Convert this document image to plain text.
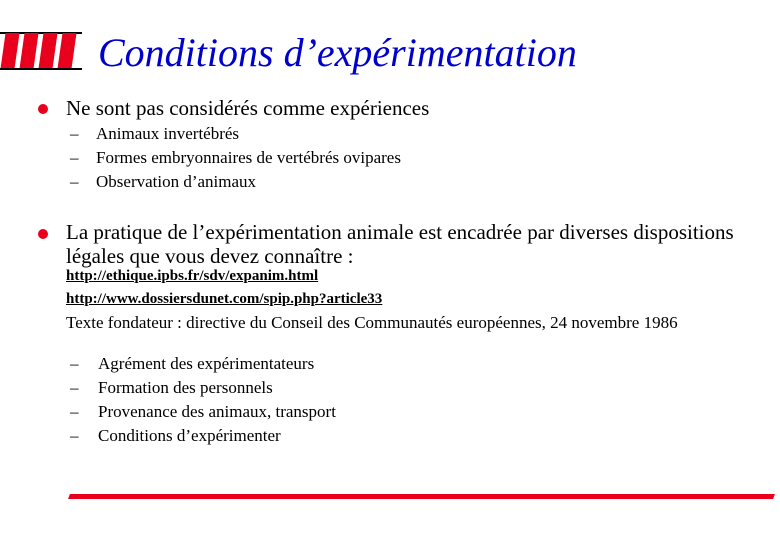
Conditions d’expérimentation
Ne sont pas considérés comme expériences
– Animaux invertébrés
– Formes embryonnaires de vertébrés ovipares
– Observation d’animaux
La pratique de l’expérimentation animale est encadrée par diverses dispositions légales que vous devez connaître :
http://ethique.ipbs.fr/sdv/expanim.html
http://www.dossiersdunet.com/spip.php?article33
Texte fondateur : directive du Conseil des Communautés européennes, 24 novembre 1986
– Agrément des expérimentateurs
– Formation des personnels
– Provenance des animaux, transport
– Conditions d’expérimenter
